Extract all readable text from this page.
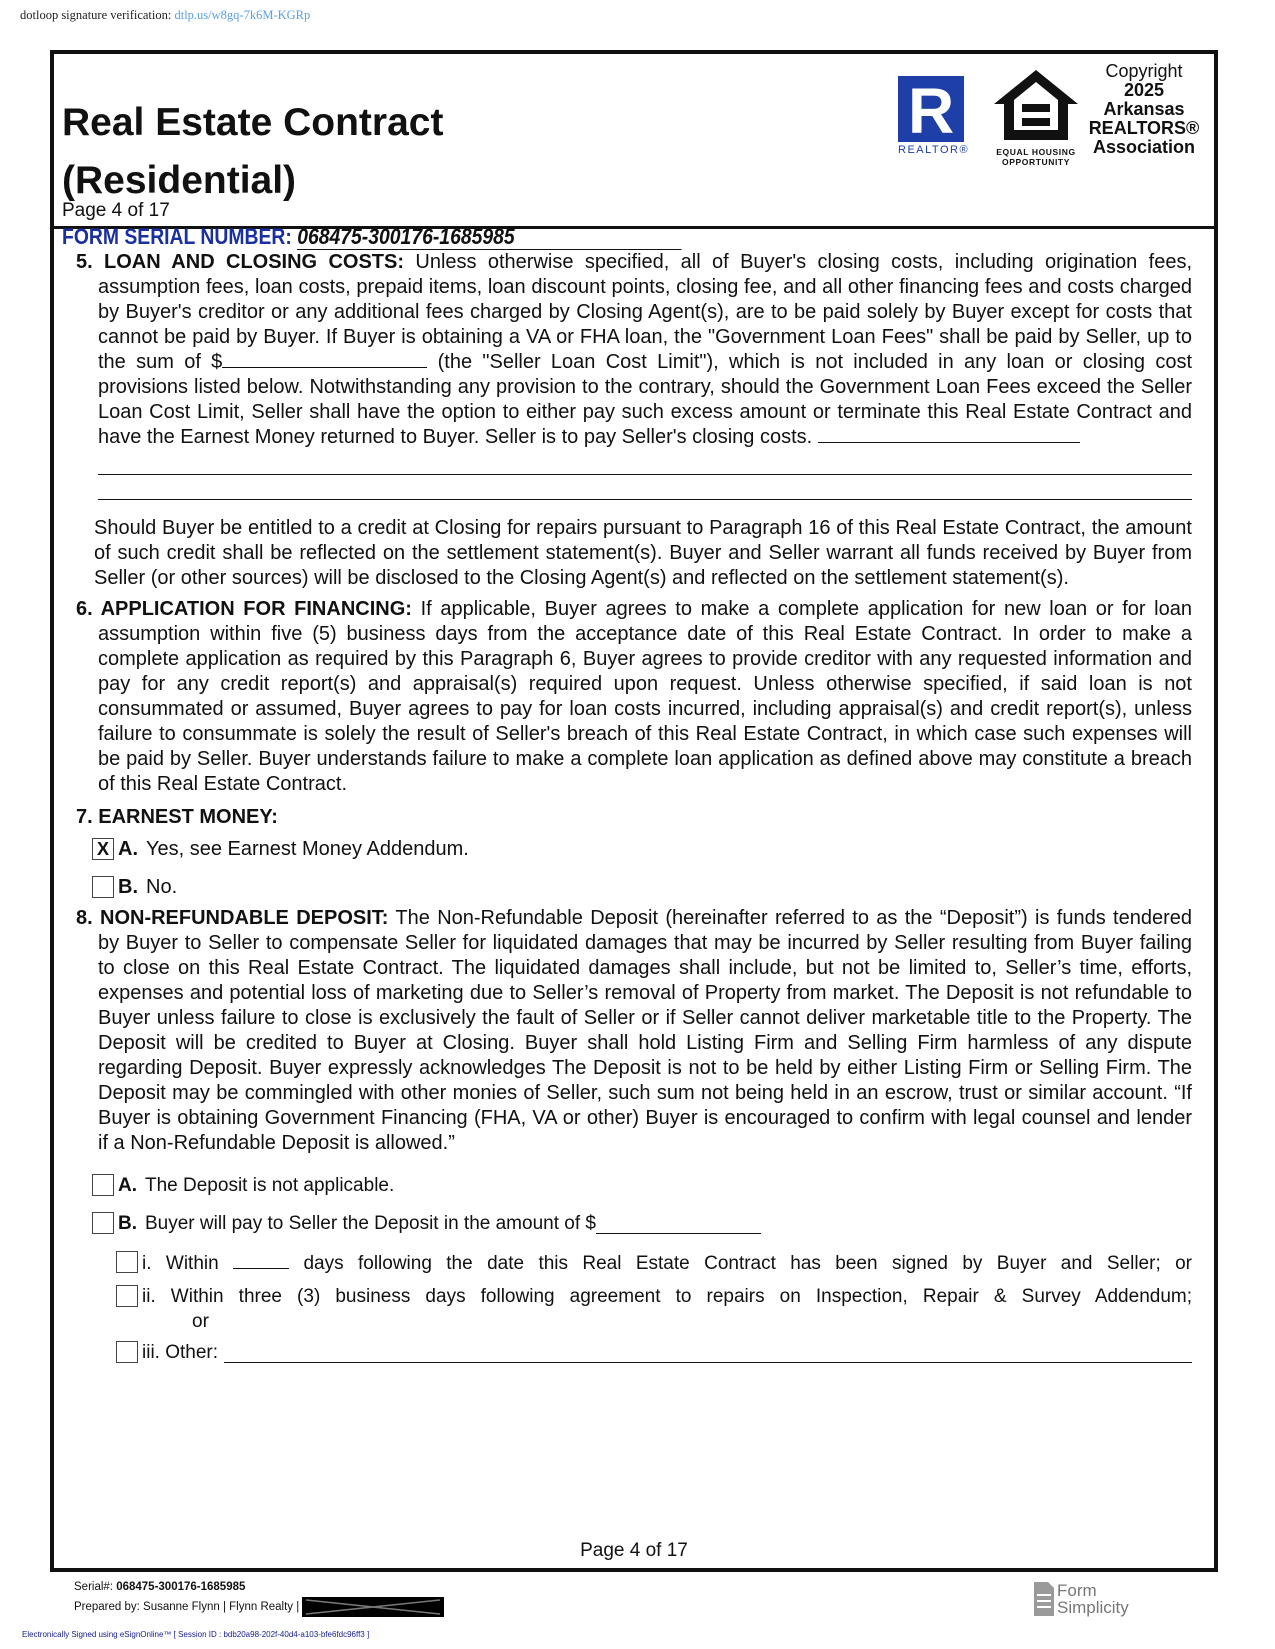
dotloop signature verification: dtlp.us/w8gq-7k6M-KGRp
Real Estate Contract
(Residential)
Page 4 of 17
R
REALTOR®	EQUAL HOUSING
OPPORTUNITY
Copyright
2025
Arkansas
REALTORS®
Association
FORM SERIAL NUMBER: 068475-300176-1685985
5. LOAN AND CLOSING COSTS: Unless otherwise specified, all of Buyer's closing costs, including origination fees, assumption fees, loan costs, prepaid items, loan discount points, closing fee, and all other financing fees and costs charged by Buyer's creditor or any additional fees charged by Closing Agent(s), are to be paid solely by Buyer except for costs that cannot be paid by Buyer. If Buyer is obtaining a VA or FHA loan, the "Government Loan Fees" shall be paid by Seller, up to the sum of $	(the "Seller Loan Cost Limit"), which is not included in any loan or closing cost provisions listed below. Notwithstanding any provision to the contrary, should the Government Loan Fees exceed the Seller Loan Cost Limit, Seller shall have the option to either pay such excess amount or terminate this Real Estate Contract and have the Earnest Money returned to Buyer. Seller is to pay Seller's closing costs.
Should Buyer be entitled to a credit at Closing for repairs pursuant to Paragraph 16 of this Real Estate Contract, the amount of such credit shall be reflected on the settlement statement(s). Buyer and Seller warrant all funds received by Buyer from Seller (or other sources) will be disclosed to the Closing Agent(s) and reflected on the settlement statement(s).
6. APPLICATION FOR FINANCING: If applicable, Buyer agrees to make a complete application for new loan or for loan assumption within five (5) business days from the acceptance date of this Real Estate Contract. In order to make a complete application as required by this Paragraph 6, Buyer agrees to provide creditor with any requested information and pay for any credit report(s) and appraisal(s) required upon request. Unless otherwise specified, if said loan is not consummated or assumed, Buyer agrees to pay for loan costs incurred, including appraisal(s) and credit report(s), unless failure to consummate is solely the result of Seller's breach of this Real Estate Contract, in which case such expenses will be paid by Seller. Buyer understands failure to make a complete loan application as defined above may constitute a breach of this Real Estate Contract.
7. EARNEST MONEY:
X A. Yes, see Earnest Money Addendum.
B. No.
8. NON-REFUNDABLE DEPOSIT: The Non-Refundable Deposit (hereinafter referred to as the “Deposit”) is funds tendered by Buyer to Seller to compensate Seller for liquidated damages that may be incurred by Seller resulting from Buyer failing to close on this Real Estate Contract. The liquidated damages shall include, but not be limited to, Seller’s time, efforts, expenses and potential loss of marketing due to Seller’s removal of Property from market. The Deposit is not refundable to Buyer unless failure to close is exclusively the fault of Seller or if Seller cannot deliver marketable title to the Property. The Deposit will be credited to Buyer at Closing. Buyer shall hold Listing Firm and Selling Firm harmless of any dispute regarding Deposit. Buyer expressly acknowledges The Deposit is not to be held by either Listing Firm or Selling Firm. The Deposit may be commingled with other monies of Seller, such sum not being held in an escrow, trust or similar account. “If Buyer is obtaining Government Financing (FHA, VA or other) Buyer is encouraged to confirm with legal counsel and lender if a Non-Refundable Deposit is allowed.”
A. The Deposit is not applicable.
B. Buyer will pay to Seller the Deposit in the amount of $
i. Within	days following the date this Real Estate Contract has been signed by Buyer and Seller; or
ii. Within three (3) business days following agreement to repairs on Inspection, Repair & Survey Addendum;
or
iii. Other:
Page 4 of 17
Serial#: 068475-300176-1685985
Prepared by: Susanne Flynn | Flynn Realty |
Form
Simplicity
Electronically Signed using eSignOnline™ [ Session ID : bdb20a98-202f-40d4-a103-bfe6fdc96ff3 ]
